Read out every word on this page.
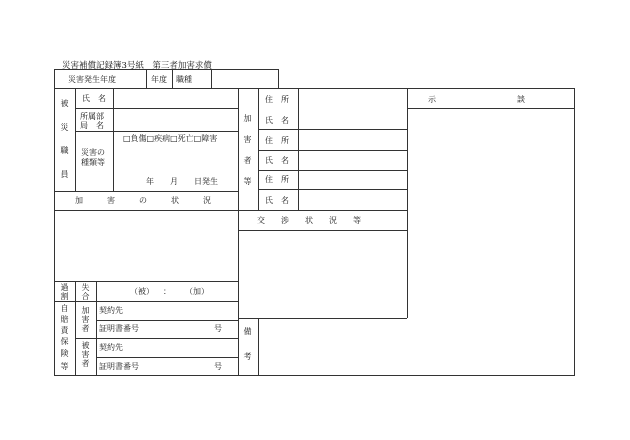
災害補償記録簿3号紙　第三者加害求償
災害発生年度	年度 職種
被
災
職
員
氏　名
所属部
局　名
災害の
種類等
□負傷□疾病□死亡□障害
年　　月　　日発生
加　　　害　　　の　　　状　　　況
過
割
失
合
（被） ： （加）
自
賠
責
保
険
等
加
害
者
被
害
者
契約先
証明書番号	号
契約先
証明書番号	号
加
害
者
等
住　所
氏　名
住　所
氏　名
住　所
氏　名
交　　渉　　状　　況　　等
備
考
示	談
